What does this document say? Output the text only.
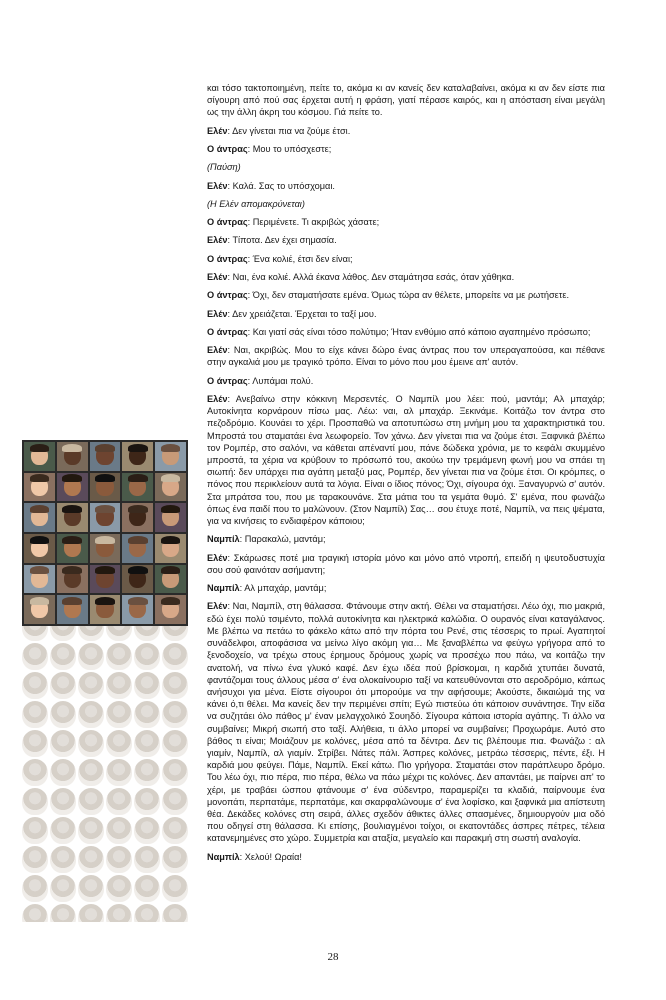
και τόσο τακτοποιημένη, πείτε το, ακόμα κι αν κανείς δεν καταλαβαίνει, ακόμα κι αν δεν είστε πια σίγουρη από πού σας έρχεται αυτή η φράση, γιατί πέρασε καιρός, και η απόσταση είναι μεγάλη ως την άλλη άκρη του κόσμου. Γιά πείτε το.

Ελέν: Δεν γίνεται πια να ζούμε έτσι.

Ο άντρας: Μου το υπόσχεστε;

(Παύση)

Ελέν: Καλά. Σας το υπόσχομαι.

(Η Ελέν απομακρύνεται)

Ο άντρας: Περιμένετε. Τι ακριβώς χάσατε;

Ελέν: Τίποτα. Δεν έχει σημασία.

Ο άντρας: Ένα κολιέ, έτσι δεν είναι;

Ελέν: Ναι, ένα κολιέ. Αλλά έκανα λάθος. Δεν σταμάτησα εσάς, όταν χάθηκα.

Ο άντρας: Όχι, δεν σταματήσατε εμένα. Όμως τώρα αν θέλετε, μπορείτε να με ρωτήσετε.

Ελέν: Δεν χρειάζεται. Έρχεται το ταξί μου.

Ο άντρας: Και γιατί σάς είναι τόσο πολύτιμο; Ήταν ενθύμιο από κάποιο αγαπημένο πρόσωπο;

Ελέν: Ναι, ακριβώς. Μου το είχε κάνει δώρο ένας άντρας που τον υπεραγαπούσα, και πέθανε στην αγκαλιά μου με τραγικό τρόπο. Είναι το μόνο που μου έμεινε απ' αυτόν.

Ο άντρας: Λυπάμαι πολύ.

Ελέν: Ανεβαίνω στην κόκκινη Μερσεντές. Ο Ναμπίλ μου λέει: πού, μαντάμ; Αλ μπαχάρ; Αυτοκίνητα κορνάρουν πίσω μας. Λέω: ναι, αλ μπαχάρ. Ξεκινάμε. Κοιτάζω τον άντρα στο πεζοδρόμιο. Κουνάει το χέρι. Προσπαθώ να αποτυπώσω στη μνήμη μου τα χαρακτηριστικά του. Μπροστά του σταματάει ένα λεωφορείο. Τον χάνω. Δεν γίνεται πια να ζούμε έτσι. Ξαφνικά βλέπω τον Ρομπέρ, στο σαλόνι, να κάθεται απέναντί μου, πάνε δώδεκα χρόνια, με το κεφάλι σκυμμένο μπροστά, τα χέρια να κρύβουν το πρόσωπό του, ακούω την τρεμάμενη φωνή μου να σπάει τη σιωπή: δεν υπάρχει πια αγάπη μεταξύ μας, Ρομπέρ, δεν γίνεται πια να ζούμε έτσι. Οι κρόμπες, ο πόνος που περικλείουν αυτά τα λόγια. Είναι ο ίδιος πόνος; Όχι, σίγουρα όχι. Ξαναγυρνώ σ' αυτόν. Στα μπράτσα του, που με ταρακουνάνε. Στα μάτια του τα γεμάτα θυμό. Σ' εμένα, που φωνάζω όπως ένα παιδί που το μαλώνουν. (Στον Ναμπίλ) Σας… σου έτυχε ποτέ, Ναμπίλ, να πεις ψέματα, για να κινήσεις το ενδιαφέρον κάποιου;

Ναμπίλ: Παρακαλώ, μαντάμ;

Ελέν: Σκάρωσες ποτέ μια τραγική ιστορία μόνο και μόνο από ντροπή, επειδή η ψευτοδυστυχία σου σού φαινόταν ασήμαντη;

Ναμπίλ: Αλ μπαχάρ, μαντάμ;

Ελέν: Ναι, Ναμπίλ, στη θάλασσα. Φτάνουμε στην ακτή. Θέλει να σταματήσει. Λέω όχι, πιο μακριά, εδώ έχει πολύ τσιμέντο, πολλά αυτοκίνητα και ηλεκτρικά καλώδια. Ο ουρανός είναι καταγάλανος. Με βλέπω να πετάω το φάκελο κάτω από την πόρτα του Ρενέ, στις τέσσερις το πρωί. Αγαπητοί συνάδελφοι, αποφάσισα να μείνω λίγο ακόμη για… Με ξαναβλέπω να φεύγω γρήγορα από το ξενοδοχείο, να τρέχω στους έρημους δρόμους χωρίς να προσέχω που πάω, να κοιτάζω την ανατολή, να πίνω ένα γλυκό καφέ. Δεν έχω ιδέα πού βρίσκομαι, η καρδιά χτυπάει δυνατά, φαντάζομαι τους άλλους μέσα σ' ένα ολοκαίνουριο ταξί να κατευθύνονται στο αεροδρόμιο, κάπως ανήσυχοι για μένα. Είστε σίγουροι ότι μπορούμε να την αφήσουμε; Ακούστε, δικαιώμά της να κάνει ό,τι θέλει. Μα κανείς δεν την περιμένει σπίτι; Εγώ πιστεύω ότι κάποιον συνάντησε. Την είδα να συζητάει όλο πάθος μ' έναν μελαγχολικό Σουηδό. Σίγουρα κάποια ιστορία αγάπης. Τι άλλο να συμβαίνει; Μικρή σιωπή στο ταξί. Αλήθεια, τι άλλο μπορεί να συμβαίνει; Προχωράμε. Αυτό στο βάθος τι είναι; Μοιάζουν με κολόνες, μέσα από τα δέντρα. Δεν τις βλέπουμε πια. Φωνάζω : αλ γιαμίν, Ναμπίλ, αλ γιαμίν. Στρίβει. Νάτες πάλι. Άσπρες κολόνες, μετράω τέσσερις, πέντε, έξι. Η καρδιά μου φεύγει. Πάμε, Ναμπίλ. Εκεί κάτω. Πιο γρήγορα. Σταματάει στον παράπλευρο δρόμο. Του λέω όχι, πιο πέρα, πιο πέρα, θέλω να πάω μέχρι τις κολόνες. Δεν απαντάει, με παίρνει απ' το χέρι, με τραβάει ώσπου φτάνουμε σ' ένα σύδεντρο, παραμερίζει τα κλαδιά, παίρνουμε ένα μονοπάτι, περπατάμε, περπατάμε, και σκαρφαλώνουμε σ' ένα λοφίσκο, και ξαφνικά μια απίστευτη θέα. Δεκάδες κολόνες στη σειρά, άλλες σχεδόν άθικτες άλλες σπασμένες, δημιουργούν μια οδό που οδηγεί στη θάλασσα. Κι επίσης, βουλιαγμένοι τοίχοι, οι εκατοντάδες άσπρες πέτρες, τέλεια κατανεμημένες στο χώρο. Συμμετρία και αταξία, μεγαλείο και παρακμή στη σωστή αναλογία.

Ναμπίλ: Χελού! Ωραία!

28
